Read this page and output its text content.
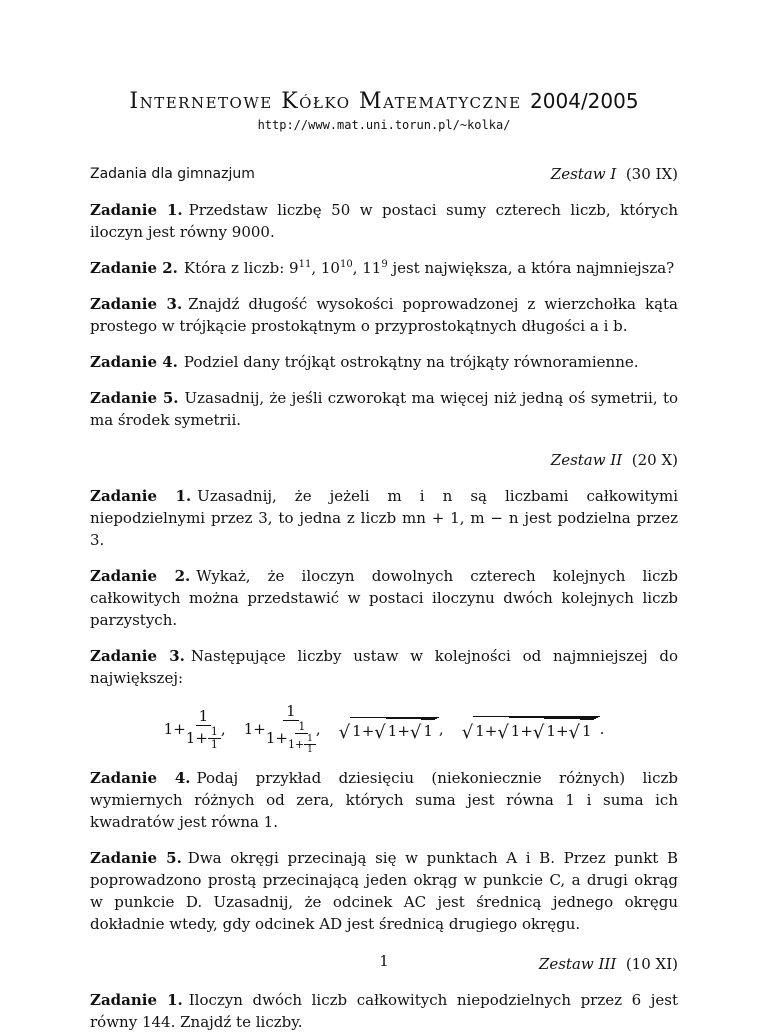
Internetowe Kółko Matematyczne 2004/2005
http://www.mat.uni.torun.pl/~kolka/
Zadania dla gimnazjum	Zestaw I (30 IX)
Zadanie 1. Przedstaw liczbę 50 w postaci sumy czterech liczb, których iloczyn jest równy 9000.
Zadanie 2. Która z liczb: $9^{11}$, $10^{10}$, $11^9$ jest największa, a która najmniejsza?
Zadanie 3. Znajdź długość wysokości poprowadzonej z wierzchołka kąta prostego w trójkącie prostokątnym o przyprostokątnych długości a i b.
Zadanie 4. Podziel dany trójkąt ostrokątny na trójkąty równoramienne.
Zadanie 5. Uzasadnij, że jeśli czworokąt ma więcej niż jedną oś symetrii, to ma środek symetrii.
Zestaw II (20 X)
Zadanie 1. Uzasadnij, że jeżeli m i n są liczbami całkowitymi niepodzielnymi przez 3, to jedna z liczb mn + 1, m − n jest podzielna przez 3.
Zadanie 2. Wykaż, że iloczyn dowolnych czterech kolejnych liczb całkowitych można przedstawić w postaci iloczynu dwóch kolejnych liczb parzystych.
Zadanie 3. Następujące liczby ustaw w kolejności od najmniejszej do największej:
$1 + \frac{1}{1 + \frac{1}{1}}$ , $1 + \frac{1}{1 + \frac{1}{1 + \frac{1}{1}}}$ , √ 1 + √ 1 + √ 1 , √ 1 + √ 1 + √ 1 + √ 1 .
Zadanie 4. Podaj przykład dziesięciu (niekoniecznie różnych) liczb wymiernych różnych od zera, których suma jest równa 1 i suma ich kwadratów jest równa 1.
Zadanie 5. Dwa okręgi przecinają się w punktach A i B. Przez punkt B poprowadzono prostą przecinającą jeden okrąg w punkcie C, a drugi okrąg w punkcie D. Uzasadnij, że odcinek AC jest średnicą jednego okręgu dokładnie wtedy, gdy odcinek AD jest średnicą drugiego okręgu.
Zestaw III (10 XI)
Zadanie 1. Iloczyn dwóch liczb całkowitych niepodzielnych przez 6 jest równy 144. Znajdź te liczby.
1
